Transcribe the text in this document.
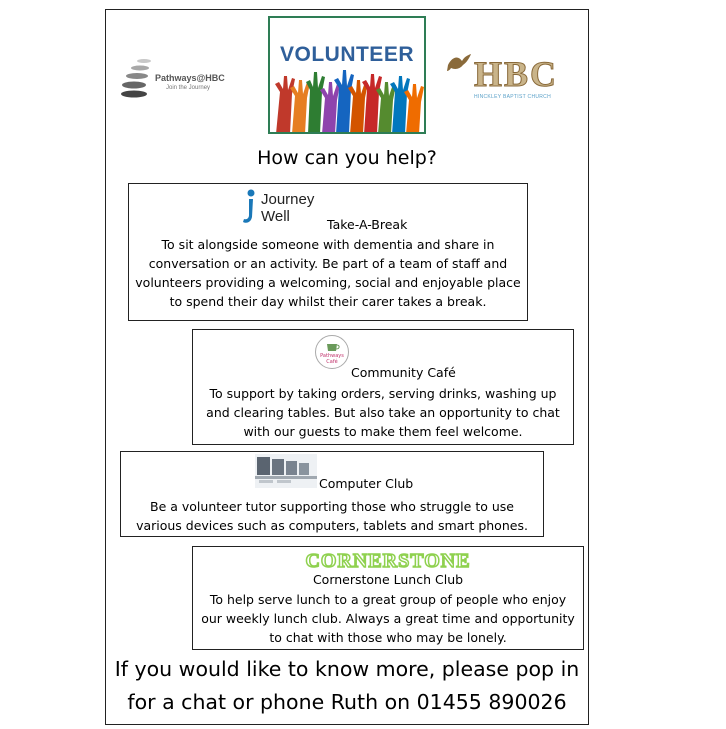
Pathways@HBC
Join the Journey
VOLUNTEER HBC
HINCKLEY BAPTIST CHURCH
How can you help?
Journey
Well	Take-A-Break
To sit alongside someone with dementia and share in conversation or an activity. Be part of a team of staff and volunteers providing a welcoming, social and enjoyable place to spend their day whilst their carer takes a break.
Pathways Café
Community Café
To support by taking orders, serving drinks, washing up and clearing tables. But also take an opportunity to chat with our guests to make them feel welcome.
Computer Club
Be a volunteer tutor supporting those who struggle to use various devices such as computers, tablets and smart phones.
CORNERSTONE
Cornerstone Lunch Club
To help serve lunch to a great group of people who enjoy our weekly lunch club. Always a great time and opportunity to chat with those who may be lonely.
If you would like to know more, please pop in
for a chat or phone Ruth on 01455 890026
